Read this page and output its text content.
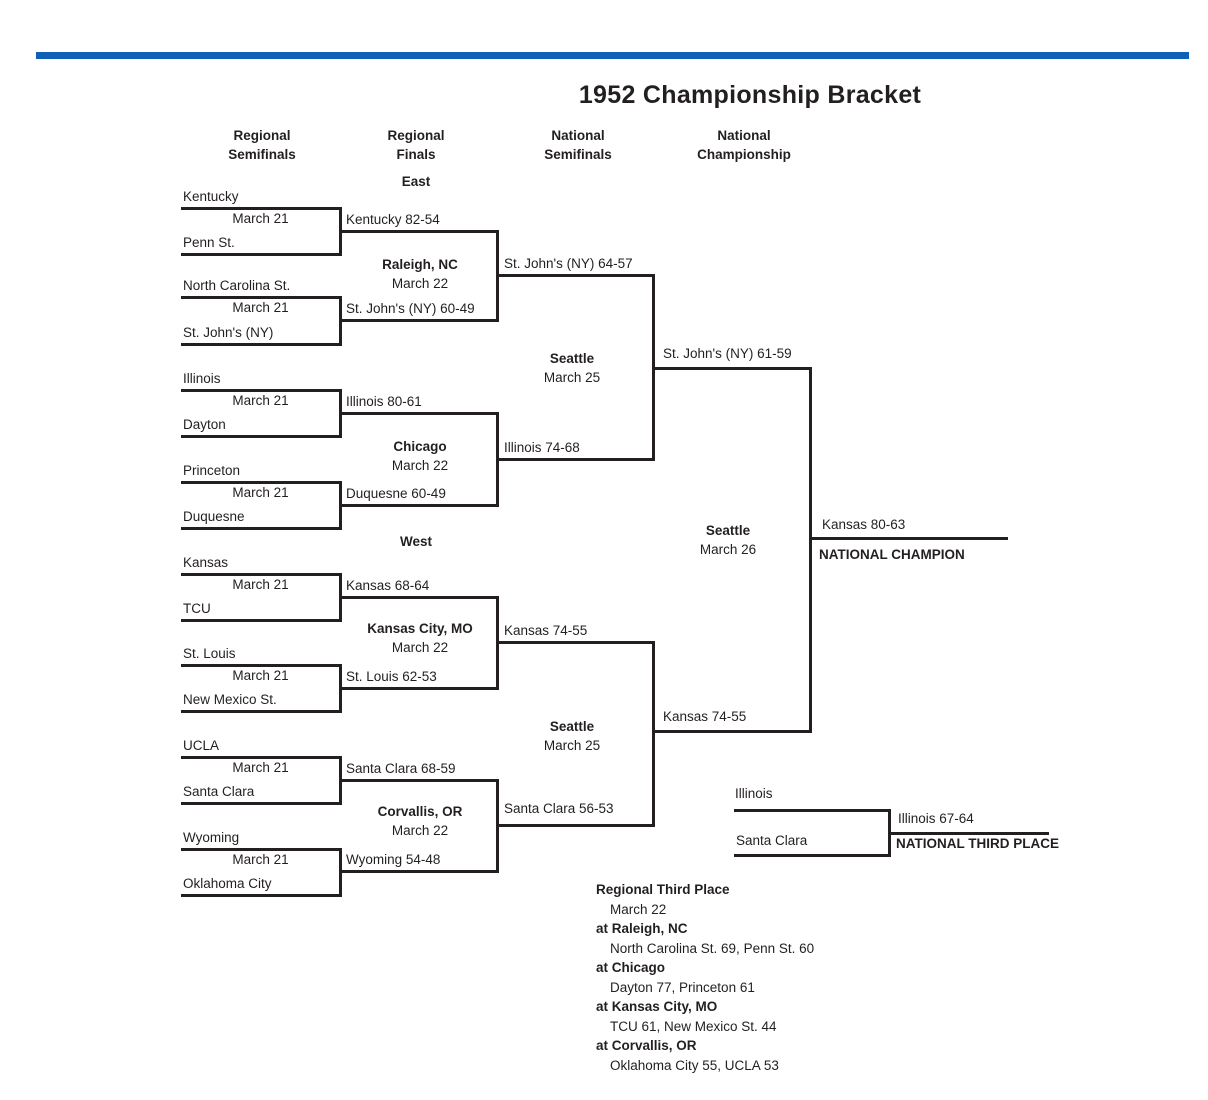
1952 Championship Bracket
Regional
Semifinals
Regional
Finals
National
Semifinals
National
Championship
East
West
Kentucky
March 21
Penn St.
Kentucky 82-54
North Carolina St.
March 21
St. John's (NY)
St. John's (NY) 60-49
Illinois
March 21
Dayton
Illinois 80-61
Princeton
March 21
Duquesne
Duquesne 60-49
Kansas
March 21
TCU
Kansas 68-64
St. Louis
March 21
New Mexico St.
St. Louis 62-53
UCLA
March 21
Santa Clara
Santa Clara 68-59
Wyoming
March 21
Oklahoma City
Wyoming 54-48
Raleigh, NC
March 22
St. John's (NY) 64-57
Chicago
March 22
Illinois 74-68
Kansas City, MO
March 22
Kansas 74-55
Corvallis, OR
March 22
Santa Clara 56-53
Seattle
March 25
St. John's (NY) 61-59
Seattle
March 25
Kansas 74-55
Seattle
March 26
Kansas 80-63
NATIONAL CHAMPION
Illinois
Santa Clara
Illinois 67-64
NATIONAL THIRD PLACE
Regional Third Place
March 22
at Raleigh, NC
North Carolina St. 69, Penn St. 60
at Chicago
Dayton 77, Princeton 61
at Kansas City, MO
TCU 61, New Mexico St. 44
at Corvallis, OR
Oklahoma City 55, UCLA 53
